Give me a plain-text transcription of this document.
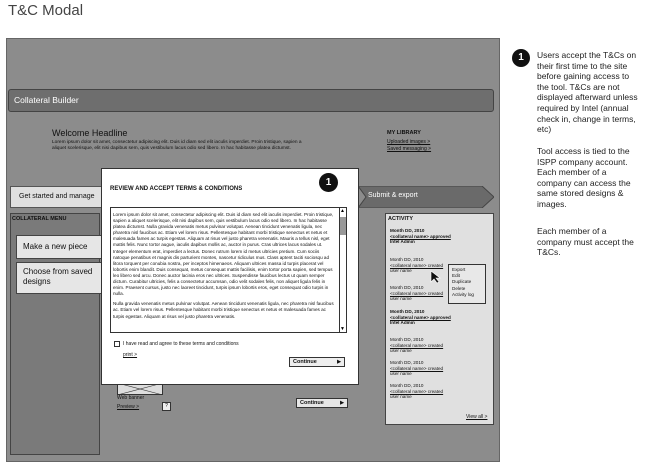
T&C Modal
Collateral Builder
Welcome Headline
Lorem ipsum dolor sit amet, consectetur adipiscing elit. Duis id diam sed elit iaculis imperdiet. Proin tristique, sapien a aliquet scelerisque, elit nisi dapibus sem, quis vestibulum lacus odio sed libero. In hac habitasse platea dictumst.
MY LIBRARY
Uploaded images >
Saved messaging >
Get started and manage	Submit & export
COLLATERAL MENU
Make a new piece
Choose from saved designs
ACTIVITY
Month DD, 2010
<collateral name> approved
Intel Admin
Month DD, 2010
<collateral name> created
user name
Month DD, 2010
<collateral name> created
user name
Month DD, 2010
<collateral name> approved
Intel Admin
Month DD, 2010
<collateral name> created
user name
Month DD, 2010
<collateral name> created
user name
Month DD, 2010
<collateral name> created
user name
Export
Edit
Duplicate
Delete
Activity log
View all >
Web banner
Preview >	?	Continue	▶
REVIEW AND ACCEPT TERMS & CONDITIONS
1

Lorem ipsum dolor sit amet, consectetur adipiscing elit. Duis id diam sed elit iaculis imperdiet. Proin tristique, sapien a aliquet scelerisque, elit nisi dapibus sem, quis vestibulum lacus odio sed libero. In hac habitasse platea dictumst. Nulla gravida venenatis metus pulvinar volutpat. Aenean tincidunt venenatis ligula, nec pharetra nisl faucibus ac. Etiam vel lorem risus. Pellentesque habitant morbi tristique senectus et netus et malesuada fames ac turpis egestas. Aliquam at risus vel justo pharetra venenatis. Mauris a tellus nisl, eget mattis felis. Nunc tortor augue, iaculis dapibus mollis ac, auctor in purus. Cras ultrices lacus sodales ut. Integer elementum erat, imperdiet a lectus. Donec rutrum lorem id metus ultricies pretium. Cum sociis natoque penatibus et magnis dis parturient montes, nascetur ridiculus mus. Class aptent taciti sociosqu ad litora torquent per conubia nostra, per inceptos himenaeos. Aliquam ultrices massa id turpis placerat vel lobortis enim blandit. Duis consequat, metus consequat mattis facilisis, enim tortor porta sapien, sed tempus leo libero sed arcu. Donec auctor lacinia eros nec ultrices. Suspendisse faucibus lectus ut quam semper dictum. Curabitur ultricies, felis a consectetur accumsan, odio velit sodales felis, non aliquet ligula felis in enim. Praesent cursus, justo nec laoreet tincidunt, turpis ipsum lobortis eros, eget consequat odio turpis in nulla.

Nulla gravida venenatis metus pulvinar volutpat. Aenean tincidunt venenatis ligula, nec pharetra nisl faucibus ac. Etiam vel lorem risus. Pellentesque habitant morbi tristique senectus et netus et malesuada fames ac turpis egestas. Aliquam at risus vel justo pharetra venenatis.

▲
▼
I have read and agree to these terms and conditions
print >
Continue	▶
1	Users accept the T&Cs on their first time to the site before gaining access to the tool. T&Cs are not displayed afterward unless required by Intel (annual check in, change in terms, etc)
Tool access is tied to the ISPP company account. Each member of a company can access the same stored designs & images.
Each member of a company must accept the T&Cs.
